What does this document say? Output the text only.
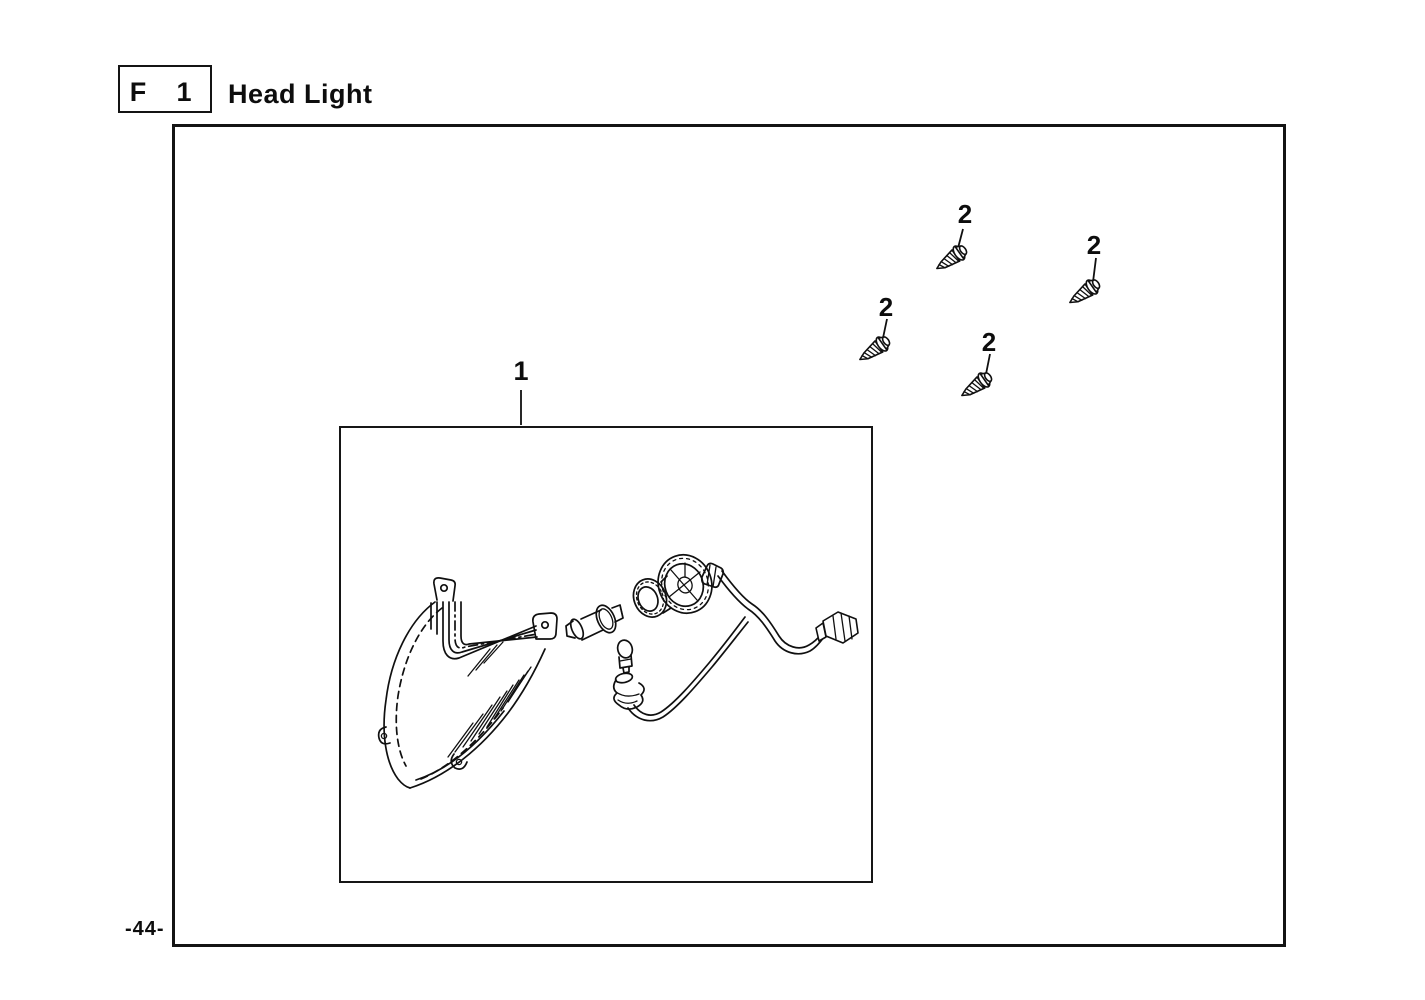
F	1	Head Light
1
2
2
2
2
-44-
